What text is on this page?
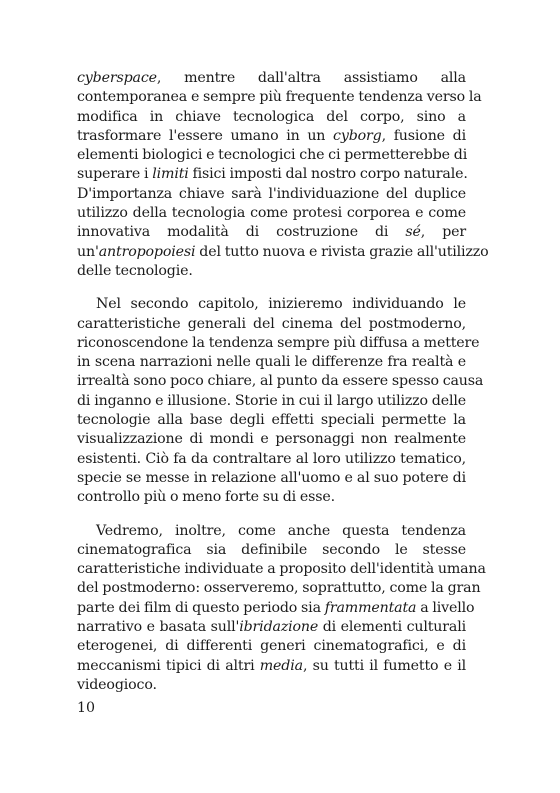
cyberspace, mentre dall'altra assistiamo alla
contemporanea e sempre più frequente tendenza verso la
modifica in chiave tecnologica del corpo, sino a
trasformare l'essere umano in un cyborg, fusione di
elementi biologici e tecnologici che ci permetterebbe di
superare i limiti fisici imposti dal nostro corpo naturale.
D'importanza chiave sarà l'individuazione del duplice
utilizzo della tecnologia come protesi corporea e come
innovativa modalità di costruzione di sé, per
un'antropopoiesi del tutto nuova e rivista grazie all'utilizzo
delle tecnologie.

Nel secondo capitolo, inizieremo individuando le
caratteristiche generali del cinema del postmoderno,
riconoscendone la tendenza sempre più diffusa a mettere
in scena narrazioni nelle quali le differenze fra realtà e
irrealtà sono poco chiare, al punto da essere spesso causa
di inganno e illusione. Storie in cui il largo utilizzo delle
tecnologie alla base degli effetti speciali permette la
visualizzazione di mondi e personaggi non realmente
esistenti. Ciò fa da contraltare al loro utilizzo tematico,
specie se messe in relazione all'uomo e al suo potere di
controllo più o meno forte su di esse.

Vedremo, inoltre, come anche questa tendenza
cinematografica sia definibile secondo le stesse
caratteristiche individuate a proposito dell'identità umana
del postmoderno: osserveremo, soprattutto, come la gran
parte dei film di questo periodo sia frammentata a livello
narrativo e basata sull'ibridazione di elementi culturali
eterogenei, di differenti generi cinematografici, e di
meccanismi tipici di altri media, su tutti il fumetto e il
videogioco.

10
